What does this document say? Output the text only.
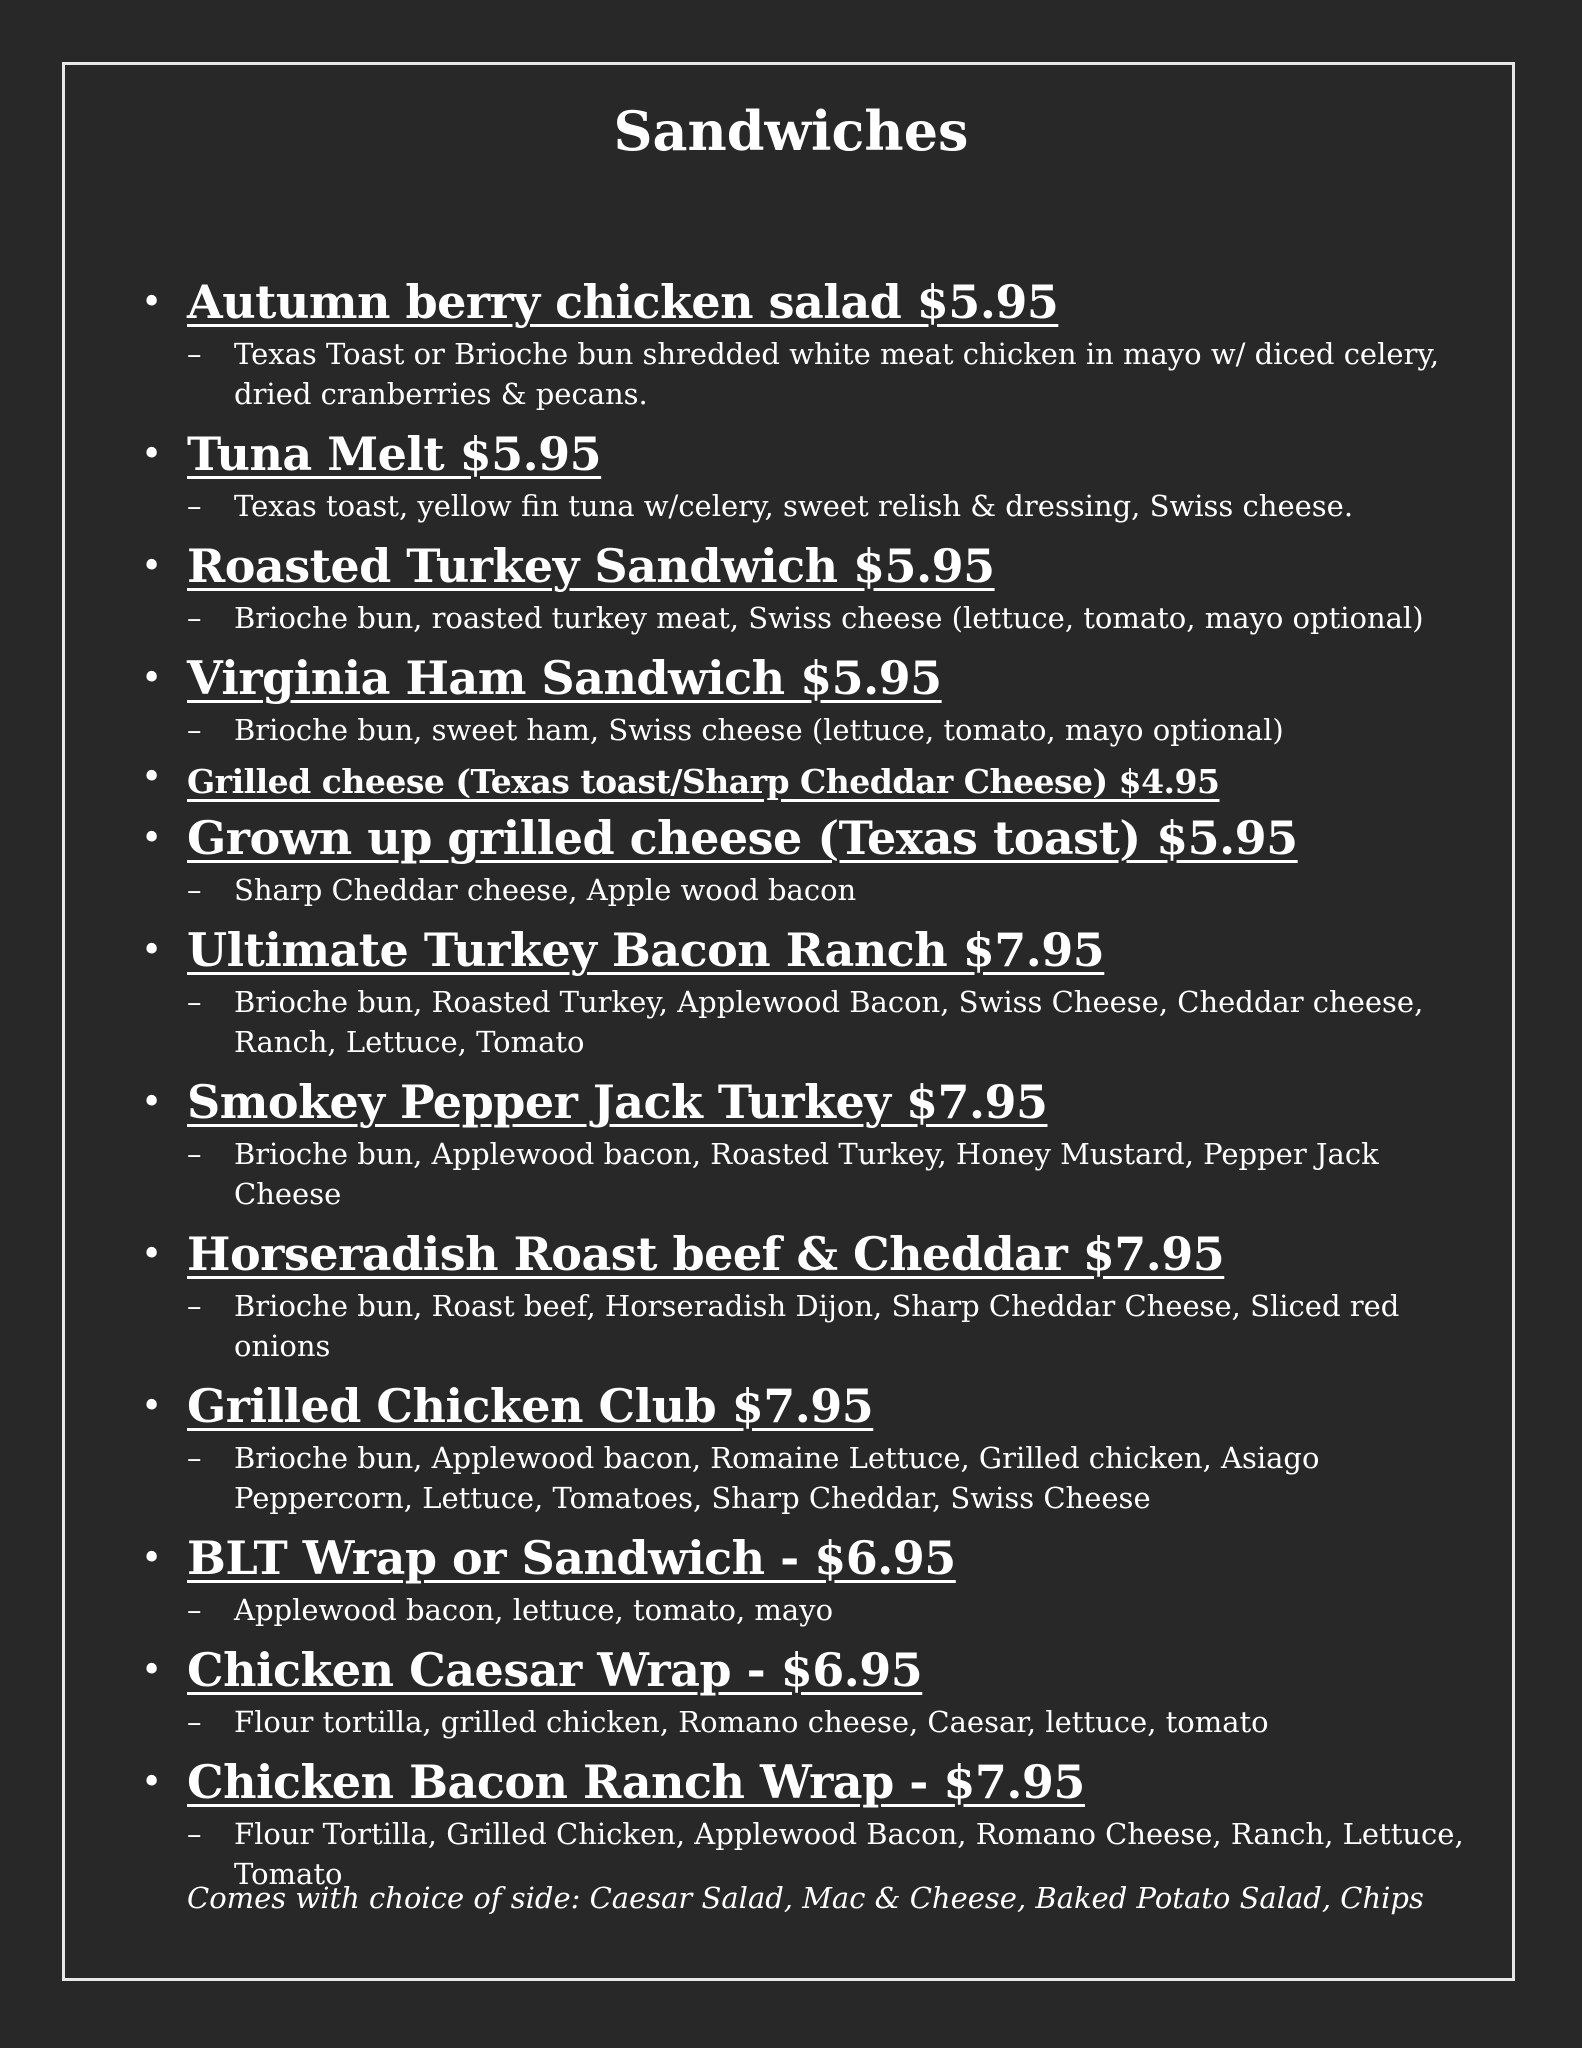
Sandwiches
• Autumn berry chicken salad $5.95
–	Texas Toast or Brioche bun shredded white meat chicken in mayo w/ diced celery, dried cranberries & pecans.
• Tuna Melt $5.95
–	Texas toast, yellow fin tuna w/celery, sweet relish & dressing, Swiss cheese.
• Roasted Turkey Sandwich $5.95
–	Brioche bun, roasted turkey meat, Swiss cheese (lettuce, tomato, mayo optional)
• Virginia Ham Sandwich $5.95
–	Brioche bun, sweet ham, Swiss cheese (lettuce, tomato, mayo optional)
• Grilled cheese (Texas toast/Sharp Cheddar Cheese) $4.95
• Grown up grilled cheese (Texas toast) $5.95
–	Sharp Cheddar cheese, Apple wood bacon
• Ultimate Turkey Bacon Ranch $7.95
–	Brioche bun, Roasted Turkey, Applewood Bacon, Swiss Cheese, Cheddar cheese, Ranch, Lettuce, Tomato
• Smokey Pepper Jack Turkey $7.95
–	Brioche bun, Applewood bacon, Roasted Turkey, Honey Mustard, Pepper Jack Cheese
• Horseradish Roast beef & Cheddar $7.95
–	Brioche bun, Roast beef, Horseradish Dijon, Sharp Cheddar Cheese, Sliced red onions
• Grilled Chicken Club $7.95
–	Brioche bun, Applewood bacon, Romaine Lettuce, Grilled chicken, Asiago Peppercorn, Lettuce, Tomatoes, Sharp Cheddar, Swiss Cheese
• BLT Wrap or Sandwich - $6.95
–	Applewood bacon, lettuce, tomato, mayo
• Chicken Caesar Wrap - $6.95
–	Flour tortilla, grilled chicken, Romano cheese, Caesar, lettuce, tomato
• Chicken Bacon Ranch Wrap - $7.95
–	Flour Tortilla, Grilled Chicken, Applewood Bacon, Romano Cheese, Ranch, Lettuce, Tomato
Comes with choice of side: Caesar Salad, Mac & Cheese, Baked Potato Salad, Chips
